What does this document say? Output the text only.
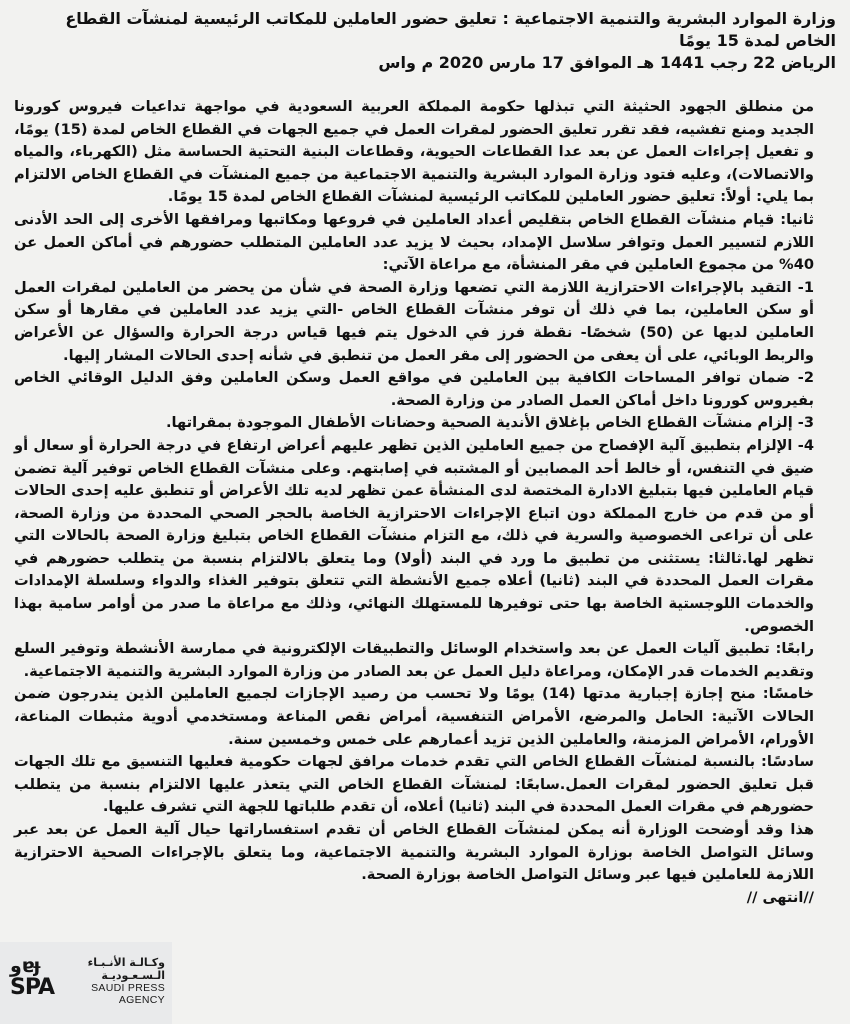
وزارة الموارد البشرية والتنمية الاجتماعية : تعليق حضور العاملين للمكاتب الرئيسية لمنشآت القطاع الخاص لمدة 15 يومًا

الرياض 22 رجب 1441 هـ الموافق 17 مارس 2020 م واس

من منطلق الجهود الحثيثة التي تبذلها حكومة المملكة العربية السعودية في مواجهة تداعيات فيروس كورونا الجديد ومنع تفشيه، فقد تقرر تعليق الحضور لمقرات العمل في جميع الجهات في القطاع الخاص لمدة (15) يومًا، و تفعيل إجراءات العمل عن بعد عدا القطاعات الحيوية، وقطاعات البنية التحتية الحساسة مثل (الكهرباء، والمياه والاتصالات)، وعليه فتود وزارة الموارد البشرية والتنمية الاجتماعية من جميع المنشآت في القطاع الخاص الالتزام بما يلي: أولاً: تعليق حضور العاملين للمكاتب الرئيسية لمنشآت القطاع الخاص لمدة 15 يومًا.

ثانيا: قيام منشآت القطاع الخاص بتقليص أعداد العاملين في فروعها ومكاتبها ومرافقها الأخرى إلى الحد الأدنى اللازم لتسيير العمل وتوافر سلاسل الإمداد، بحيث لا يزيد عدد العاملين المتطلب حضورهم في أماكن العمل عن 40% من مجموع العاملين في مقر المنشأة، مع مراعاة الآتي:

1- التقيد بالإجراءات الاحترازية اللازمة التي تضعها وزارة الصحة في شأن من يحضر من العاملين لمقرات العمل أو سكن العاملين، بما في ذلك أن توفر منشآت القطاع الخاص -التي يزيد عدد العاملين في مقارها أو سكن العاملين لديها عن (50) شخصًا- نقطة فرز في الدخول يتم فيها قياس درجة الحرارة والسؤال عن الأعراض والربط الوبائي، على أن يعفى من الحضور إلى مقر العمل من تنطبق في شأنه إحدى الحالات المشار إليها.

2- ضمان توافر المساحات الكافية بين العاملين في مواقع العمل وسكن العاملين وفق الدليل الوقائي الخاص بفيروس كورونا داخل أماكن العمل الصادر من وزارة الصحة.

3- إلزام منشآت القطاع الخاص بإغلاق الأندية الصحية وحضانات الأطفال الموجودة بمقراتها.

4- الإلزام بتطبيق آلية الإفصاح من جميع العاملين الذين تظهر عليهم أعراض ارتفاع في درجة الحرارة أو سعال أو ضيق في التنفس، أو خالط أحد المصابين أو المشتبه في إصابتهم. وعلى منشآت القطاع الخاص توفير آلية تضمن قيام العاملين فيها بتبليغ الادارة المختصة لدى المنشأة عمن تظهر لديه تلك الأعراض أو تنطبق عليه إحدى الحالات أو من قدم من خارج المملكة دون اتباع الإجراءات الاحترازية الخاصة بالحجر الصحي المحددة من وزارة الصحة، على أن تراعى الخصوصية والسرية في ذلك، مع التزام منشآت القطاع الخاص بتبليغ وزارة الصحة بالحالات التي تظهر لها.ثالثا: يستثنى من تطبيق ما ورد في البند (أولا) وما يتعلق بالالتزام بنسبة من يتطلب حضورهم في مقرات العمل المحددة في البند (ثانيا) أعلاه جميع الأنشطة التي تتعلق بتوفير الغذاء والدواء وسلسلة الإمدادات والخدمات اللوجستية الخاصة بها حتى توفيرها للمستهلك النهائي، وذلك مع مراعاة ما صدر من أوامر سامية بهذا الخصوص.

رابعًا: تطبيق آليات العمل عن بعد واستخدام الوسائل والتطبيقات الإلكترونية في ممارسة الأنشطة وتوفير السلع وتقديم الخدمات قدر الإمكان، ومراعاة دليل العمل عن بعد الصادر من وزارة الموارد البشرية والتنمية الاجتماعية.

خامسًا: منح إجازة إجبارية مدتها (14) يومًا ولا تحسب من رصيد الإجازات لجميع العاملين الذين يندرجون ضمن الحالات الآتية: الحامل والمرضع، الأمراض التنفسية، أمراض نقص المناعة ومستخدمي أدوية مثبطات المناعة، الأورام، الأمراض المزمنة، والعاملين الذين تزيد أعمارهم على خمس وخمسين سنة.

سادسًا: بالنسبة لمنشآت القطاع الخاص التي تقدم خدمات مرافق لجهات حكومية فعليها التنسيق مع تلك الجهات قبل تعليق الحضور لمقرات العمل.سابعًا: لمنشآت القطاع الخاص التي يتعذر عليها الالتزام بنسبة من يتطلب حضورهم في مقرات العمل المحددة في البند (ثانيا) أعلاه، أن تقدم طلباتها للجهة التي تشرف عليها.

هذا وقد أوضحت الوزارة أنه يمكن لمنشآت القطاع الخاص أن تقدم استفساراتها حيال آلية العمل عن بعد عبر وسائل التواصل الخاصة بوزارة الموارد البشرية والتنمية الاجتماعية، وما يتعلق بالإجراءات الصحية الاحترازية اللازمة للعاملين فيها عبر وسائل التواصل الخاصة بوزارة الصحة.

//انتهى //

وɐɟ
SPA
وكـالـة الأنـبـاء
الـسـعـوديـة
SAUDI PRESS
AGENCY
